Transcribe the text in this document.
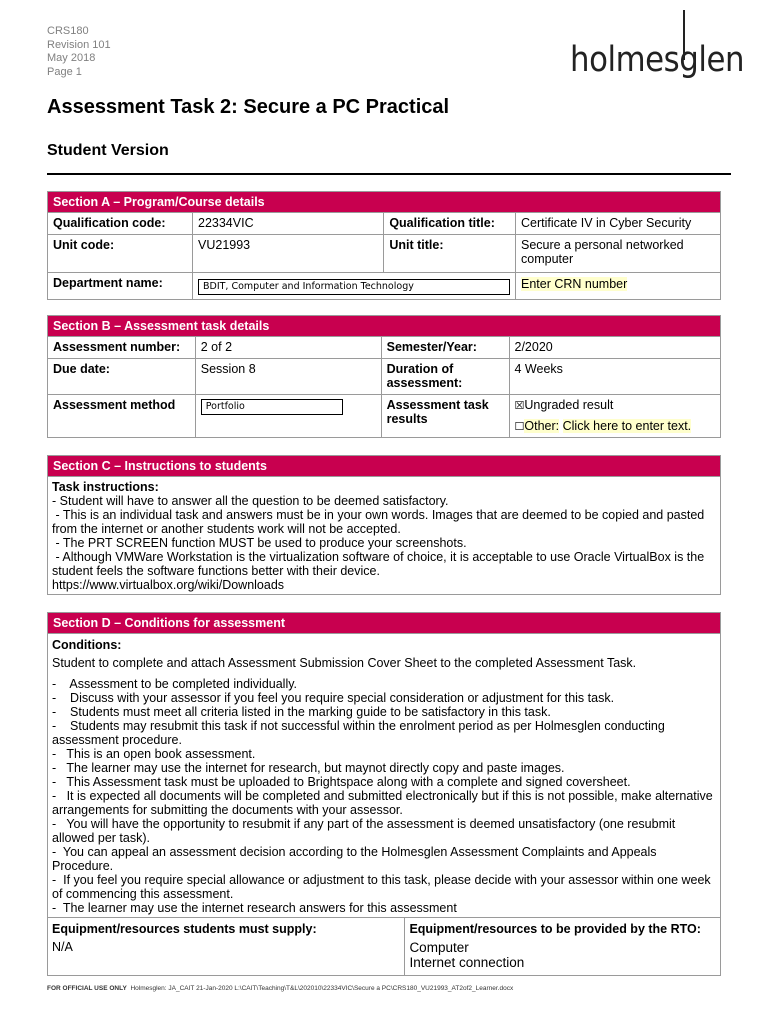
CRS180
Revision 101
May 2018
Page 1	holmesglen
Assessment Task 2: Secure a PC Practical
Student Version
Section A – Program/Course details			
Qualification code:	22334VIC	Qualification title:	Certificate IV in Cyber Security
Unit code:	VU21993	Unit title:	Secure a personal networked computer
Department name:	BDIT, Computer and Information Technology		Enter CRN number
Section B – Assessment task details			
Assessment number:	2 of 2	Semester/Year:	2/2020
Due date:	Session 8	Duration of assessment:	4 Weeks
Assessment method	Portfolio	Assessment task results	☒Ungraded result
☐Other: Click here to enter text.
Section C – Instructions to students

Task instructions:
- Student will have to answer all the question to be deemed satisfactory.
- This is an individual task and answers must be in your own words. Images that are deemed to be copied and pasted from the internet or another students work will not be accepted.
- The PRT SCREEN function MUST be used to produce your screenshots.
- Although VMWare Workstation is the virtualization software of choice, it is acceptable to use Oracle VirtualBox is the student feels the software functions better with their device.
https://www.virtualbox.org/wiki/Downloads
Section D – Conditions for assessment

Conditions:
Student to complete and attach Assessment Submission Cover Sheet to the completed Assessment Task.
-    Assessment to be completed individually.
-    Discuss with your assessor if you feel you require special consideration or adjustment for this task.
-    Students must meet all criteria listed in the marking guide to be satisfactory in this task.
-    Students may resubmit this task if not successful within the enrolment period as per Holmesglen conducting       assessment procedure.
-   This is an open book assessment.
-   The learner may use the internet for research, but maynot directly copy and paste images.
-   This Assessment task must be uploaded to Brightspace along with a complete and signed coversheet.
-   It is expected all documents will be completed and submitted electronically but if this is not possible, make alternative arrangements for submitting the documents with your assessor.
-   You will have the opportunity to resubmit if any part of the assessment is deemed unsatisfactory (one resubmit allowed per task).
-  You can appeal an assessment decision according to the Holmesglen Assessment Complaints and Appeals Procedure.
-  If you feel you require special allowance or adjustment to this task, please decide with your assessor within one week of commencing this assessment.
-  The learner may use the internet research answers for this assessment

Equipment/resources students must supply:
N/A

Equipment/resources to be provided by the RTO:
Computer
Internet connection
FOR OFFICIAL USE ONLY Holmesglen: JA_CAIT 21-Jan-2020 L:\CAIT\Teaching\T&L\202010\22334VIC\Secure a PC\CRS180_VU21993_AT2of2_Learner.docx
